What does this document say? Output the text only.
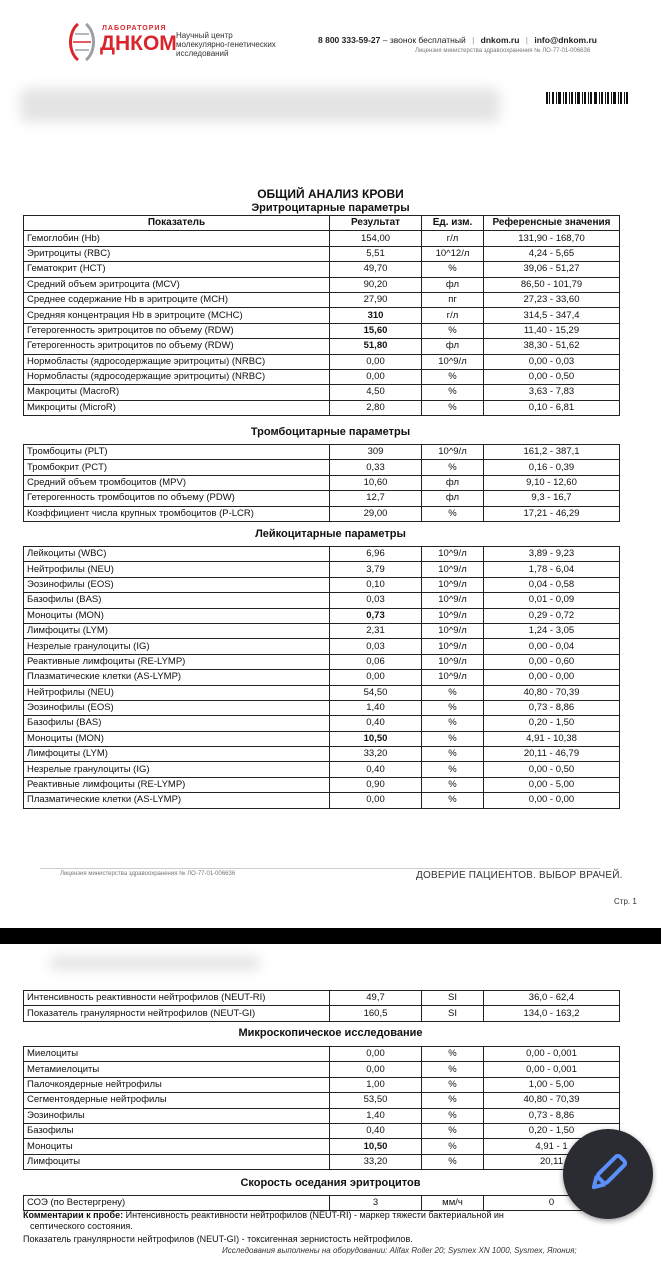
ЛАБОРАТОРИЯ
ДНКОМ Научный центр
молекулярно-генетических
исследований
8 800 333-59-27 – звонок бесплатный | dnkom.ru | info@dnkom.ru
Лицензия министерства здравоохранения № ЛО-77-01-006636
ОБЩИЙ АНАЛИЗ КРОВИ
Эритроцитарные параметры
Показатель	Результат	Ед. изм.	Референсные значения
Гемоглобин (Hb)	154,00	г/л	131,90 - 168,70
Эритроциты (RBC)	5,51	10^12/л	4,24 - 5,65
Гематокрит (HCT)	49,70	%	39,06 - 51,27
Средний объем эритроцита (MCV)	90,20	фл	86,50 - 101,79
Среднее содержание Hb в эритроците (MCH)	27,90	пг	27,23 - 33,60
Средняя концентрация Hb в эритроците (MCHC)	310	г/л	314,5 - 347,4
Гетерогенность эритроцитов по объему (RDW)	15,60	%	11,40 - 15,29
Гетерогенность эритроцитов по объему (RDW)	51,80	фл	38,30 - 51,62
Нормобласты (ядросодержащие эритроциты) (NRBC)	0,00	10^9/л	0,00 - 0,03
Нормобласты (ядросодержащие эритроциты) (NRBC)	0,00	%	0,00 - 0,50
Макроциты (MacroR)	4,50	%	3,63 - 7,83
Микроциты (MicroR)	2,80	%	0,10 - 6,81
Тромбоцитарные параметры
Тромбоциты (PLT)	309	10^9/л	161,2 - 387,1
Тромбокрит (PCT)	0,33	%	0,16 - 0,39
Средний объем тромбоцитов (MPV)	10,60	фл	9,10 - 12,60
Гетерогенность тромбоцитов по объему (PDW)	12,7	фл	9,3 - 16,7
Коэффициент числа крупных тромбоцитов (P-LCR)	29,00	%	17,21 - 46,29
Лейкоцитарные параметры
Лейкоциты (WBC)	6,96	10^9/л	3,89 - 9,23
Нейтрофилы (NEU)	3,79	10^9/л	1,78 - 6,04
Эозинофилы (EOS)	0,10	10^9/л	0,04 - 0,58
Базофилы (BAS)	0,03	10^9/л	0,01 - 0,09
Моноциты (MON)	0,73	10^9/л	0,29 - 0,72
Лимфоциты (LYM)	2,31	10^9/л	1,24 - 3,05
Незрелые гранулоциты (IG)	0,03	10^9/л	0,00 - 0,04
Реактивные лимфоциты (RE-LYMP)	0,06	10^9/л	0,00 - 0,60
Плазматические клетки (AS-LYMP)	0,00	10^9/л	0,00 - 0,00
Нейтрофилы (NEU)	54,50	%	40,80 - 70,39
Эозинофилы (EOS)	1,40	%	0,73 - 8,86
Базофилы (BAS)	0,40	%	0,20 - 1,50
Моноциты (MON)	10,50	%	4,91 - 10,38
Лимфоциты (LYM)	33,20	%	20,11 - 46,79
Незрелые гранулоциты (IG)	0,40	%	0,00 - 0,50
Реактивные лимфоциты (RE-LYMP)	0,90	%	0,00 - 5,00
Плазматические клетки (AS-LYMP)	0,00	%	0,00 - 0,00
Лицензия министерства здравоохранения № ЛО-77-01-006636	ДОВЕРИЕ ПАЦИЕНТОВ. ВЫБОР ВРАЧЕЙ.
Стр. 1
Интенсивность реактивности нейтрофилов (NEUT-RI)	49,7	SI	36,0 - 62,4
Показатель гранулярности нейтрофилов (NEUT-GI)	160,5	SI	134,0 - 163,2
Микроскопическое исследование
Миелоциты	0,00	%	0,00 - 0,001
Метамиелоциты	0,00	%	0,00 - 0,001
Палочкоядерные нейтрофилы	1,00	%	1,00 - 5,00
Сегментоядерные нейтрофилы	53,50	%	40,80 - 70,39
Эозинофилы	1,40	%	0,73 - 8,86
Базофилы	0,40	%	0,20 - 1,50
Моноциты	10,50	%	4,91 - 1
Лимфоциты	33,20	%	20,11
Скорость оседания эритроцитов
СОЭ (по Вестергрену)	3	мм/ч	0
Комментарии к пробе: Интенсивность реактивности нейтрофилов (NEUT-RI) - маркер тяжести бактериальной ин
септического состояния.
Показатель гранулярности нейтрофилов (NEUT-GI) - токсигенная зернистость нейтрофилов.
Исследования выполнены на оборудовании: Alifax Roller 20; Sysmex XN 1000, Sysmex, Япония;
